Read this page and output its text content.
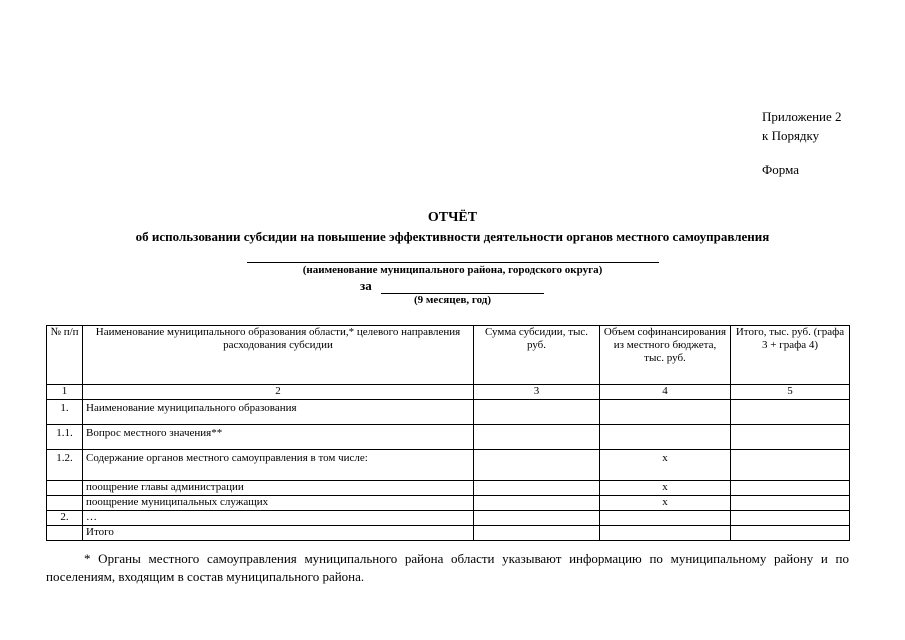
Приложение 2
к Порядку
Форма
ОТЧЁТ
об использовании субсидии на повышение эффективности деятельности органов местного самоуправления
(наименование муниципального района, городского округа)
за
(9 месяцев, год)
№ п/п	Наименование муниципального образования области,* целевого направления расходования субсидии	Сумма субсидии, тыс. руб.	Объем софинансирования из местного бюджета, тыс. руб.	Итого, тыс. руб. (графа 3 + графа 4)
1	2	3	4	5
1.	Наименование муниципального образования			
1.1.	Вопрос местного значения**			
1.2.	Содержание органов местного самоуправления в том числе:		х	
	поощрение главы администрации		х	
	поощрение муниципальных служащих		х	
2.	…			
	Итого			
* Органы местного самоуправления муниципального района области указывают информацию по муниципальному району и по поселениям, входящим в состав муниципального района.
